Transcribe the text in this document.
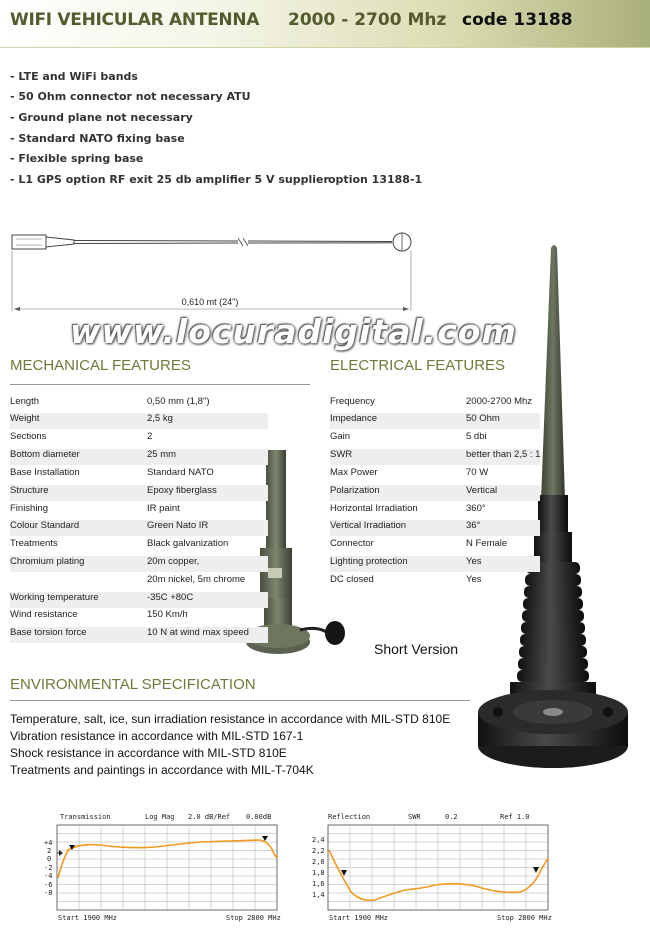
WIFI VEHICULAR ANTENNA 2000 - 2700 Mhz code 13188
- LTE and WiFi bands
- 50 Ohm connector not necessary ATU
- Ground plane not necessary
- Standard NATO fixing base
- Flexible spring base
- L1 GPS option RF exit 25 db amplifier 5 V supplier option 13188-1
0,610 mt (24")
www.locuradigital.com
MECHANICAL FEATURES
Length	0,50 mm (1,8")
Weight	2,5 kg
Sections	2
Bottom diameter	25 mm
Base Installation	Standard NATO
Structure	Epoxy fiberglass
Finishing	IR paint
Colour Standard	Green Nato IR
Treatments	Black galvanization
Chromium plating	20m copper,
20m nickel, 5m chrome
Working temperature	-35C +80C
Wind resistance	150 Km/h
Base torsion force	10 N at wind max speed
ELECTRICAL FEATURES
Frequency	2000-2700 Mhz
Impedance	50 Ohm
Gain	5 dbi
SWR	better than 2,5 : 1
Max Power	70 W
Polarization	Vertical
Horizontal Irradiation	360°
Vertical Irradiation	36°
Connector	N Female
Lighting protection	Yes
DC closed	Yes
Short Version
ENVIRONMENTAL SPECIFICATION
Temperature, salt, ice, sun irradiation resistance in accordance with MIL-STD 810E
Vibration resistance in accordance with MIL-STD 167-1
Shock resistance in accordance with MIL-STD 810E
Treatments and paintings in accordance with MIL-T-704K
Transmission	Log Mag 2.0 dB/Ref 0.00dB
+4
2
0
-2
-4
-6
-8
Start 1900 MHz	Stop 2800 MHz
Reflection	SWR	0.2	Ref 1.0
2,4
2,2
2,0
1,8
1,6
1,4
Start 1900 MHz	Stop 2800 MHz
